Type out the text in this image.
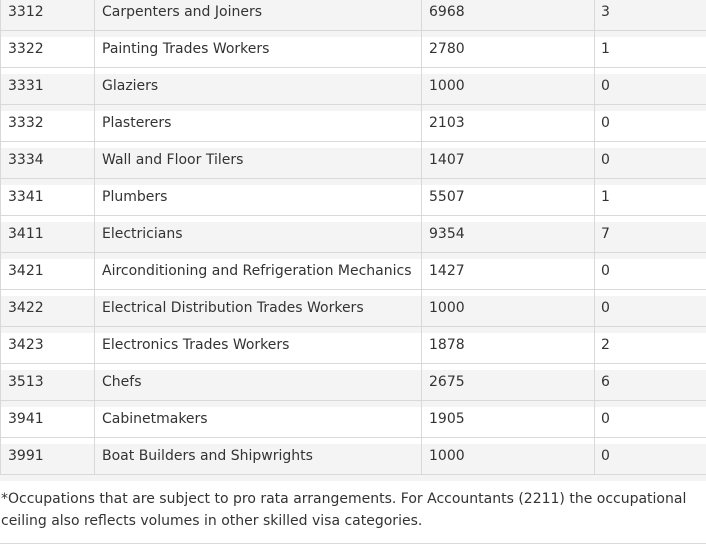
3991	Boat Builders and Shipwrights	1000	0
3941	Cabinetmakers	1905	0
3513	Chefs	2675	6
3423	Electronics Trades Workers	1878	2
3422	Electrical Distribution Trades Workers	1000	0
3421	Airconditioning and Refrigeration Mechanics 1427	0
3411	Electricians	9354	7
3341	Plumbers	5507	1
3334	Wall and Floor Tilers	1407	0
3332	Plasterers	2103	0
3331	Glaziers	1000	0
3322	Painting Trades Workers	2780	1
3312	Carpenters and Joiners	6968	3
*Occupations that are subject to pro rata arrangements. For Accountants (2211) the occupational ceiling also reflects volumes in other skilled visa categories.
